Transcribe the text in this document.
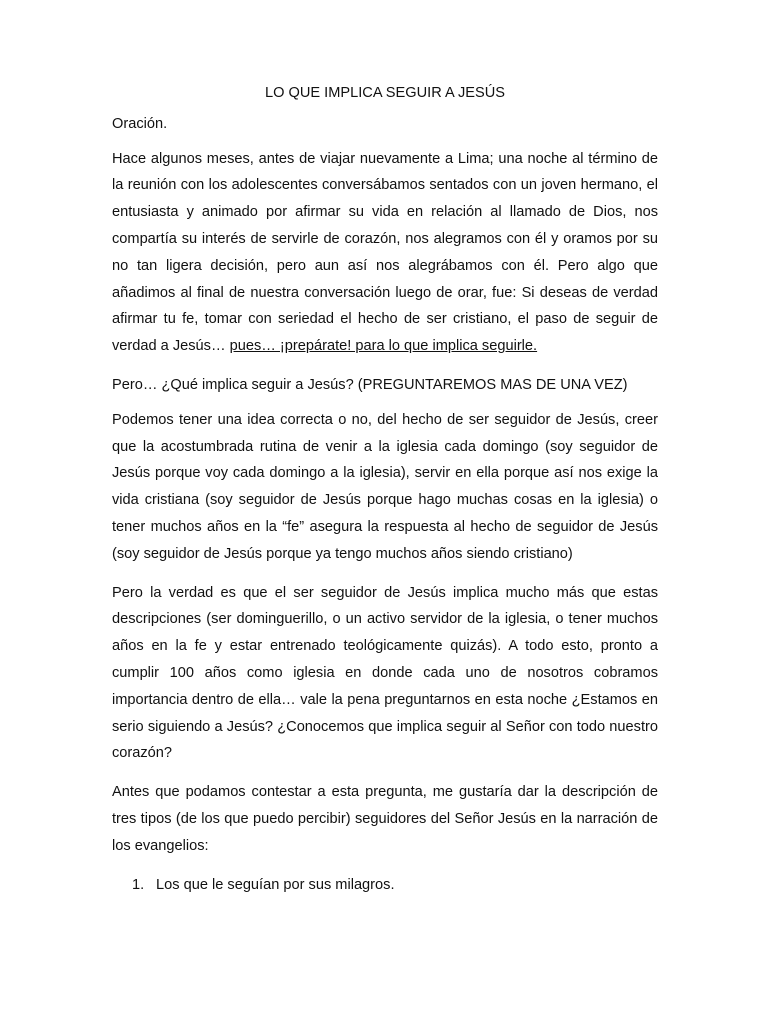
LO QUE IMPLICA SEGUIR A JESÚS

Oración.

Hace algunos meses, antes de viajar nuevamente a Lima; una noche al término de la reunión con los adolescentes conversábamos sentados con un joven hermano, el entusiasta y animado por afirmar su vida en relación al llamado de Dios, nos compartía su interés de servirle de corazón, nos alegramos con él y oramos por su no tan ligera decisión, pero aun así nos alegrábamos con él. Pero algo que añadimos al final de nuestra conversación luego de orar, fue: Si deseas de verdad afirmar tu fe, tomar con seriedad el hecho de ser cristiano, el paso de seguir de verdad a Jesús… pues… ¡prepárate! para lo que implica seguirle.

Pero… ¿Qué implica seguir a Jesús? (PREGUNTAREMOS MAS DE UNA VEZ)

Podemos tener una idea correcta o no, del hecho de ser seguidor de Jesús, creer que la acostumbrada rutina de venir a la iglesia cada domingo (soy seguidor de Jesús porque voy cada domingo a la iglesia), servir en ella porque así nos exige la vida cristiana (soy seguidor de Jesús porque hago muchas cosas en la iglesia) o tener muchos años en la “fe” asegura la respuesta al hecho de seguidor de Jesús (soy seguidor de Jesús porque ya tengo muchos años siendo cristiano)

Pero la verdad es que el ser seguidor de Jesús implica mucho más que estas descripciones (ser dominguerillo, o un activo servidor de la iglesia, o tener muchos años en la fe y estar entrenado teológicamente quizás). A todo esto, pronto a cumplir 100 años como iglesia en donde cada uno de nosotros cobramos importancia dentro de ella… vale la pena preguntarnos en esta noche ¿Estamos en serio siguiendo a Jesús? ¿Conocemos que implica seguir al Señor con todo nuestro corazón?

Antes que podamos contestar a esta pregunta, me gustaría dar la descripción de tres tipos (de los que puedo percibir) seguidores del Señor Jesús en la narración de los evangelios:

1. Los que le seguían por sus milagros.
